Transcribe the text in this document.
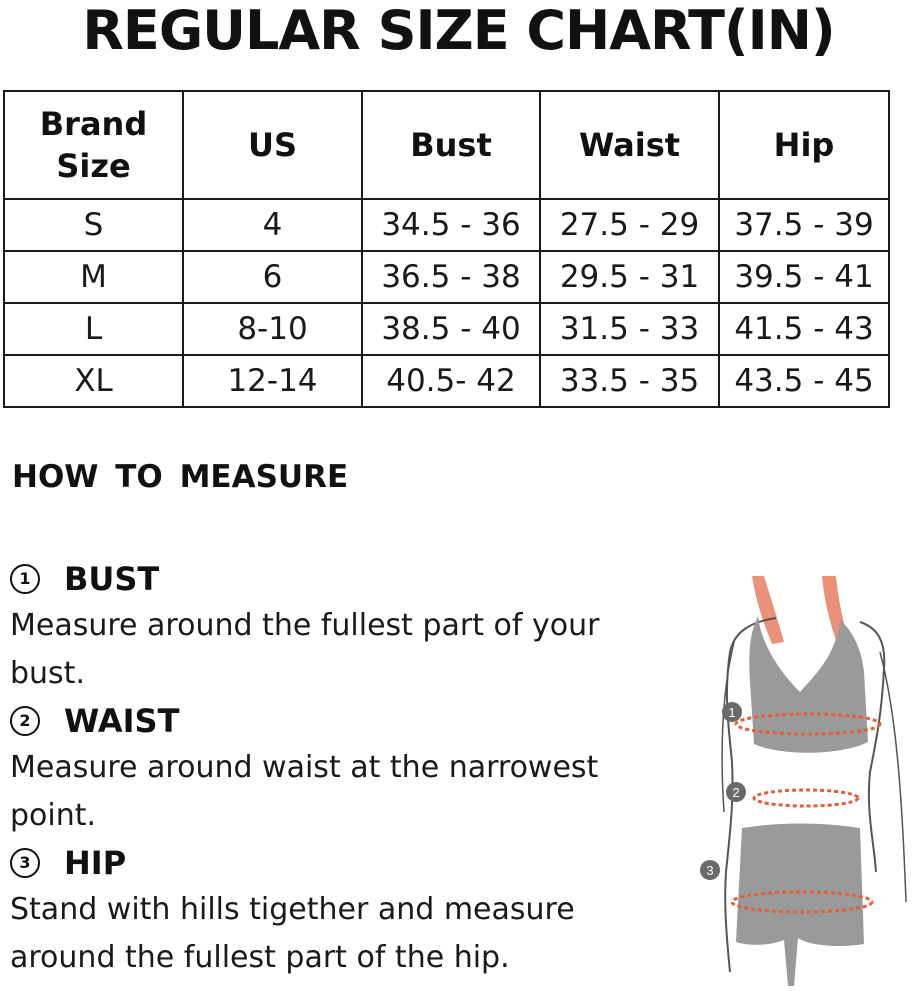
REGULAR SIZE CHART(IN)
Brand
Size	US	Bust	Waist	Hip
S	4	34.5 - 36	27.5 - 29	37.5 - 39
M	6	36.5 - 38	29.5 - 31	39.5 - 41
L	8-10	38.5 - 40	31.5 - 33	41.5 - 43
XL	12-14	40.5- 42	33.5 - 35	43.5 - 45
HOW TO MEASURE
1 BUST
Measure around the fullest part of your bust.
2 WAIST
Measure around waist at the narrowest point.
3 HIP
Stand with hills tigether and measure around the fullest part of the hip.
1
2
3
